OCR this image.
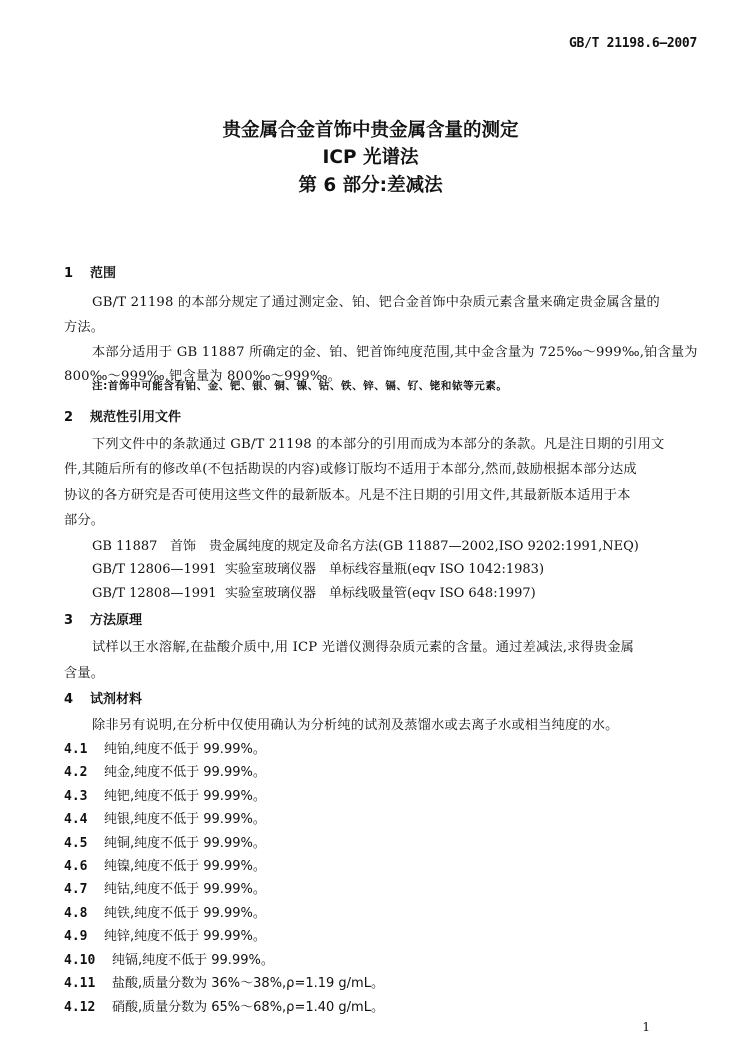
GB/T 21198.6—2007
贵金属合金首饰中贵金属含量的测定
ICP 光谱法
第 6 部分:差减法
1 范围
GB/T 21198 的本部分规定了通过测定金、铂、钯合金首饰中杂质元素含量来确定贵金属含量的
方法。
本部分适用于 GB 11887 所确定的金、铂、钯首饰纯度范围,其中金含量为 725‰～999‰,铂含量为
800‰～999‰,钯含量为 800‰～999‰。
注:首饰中可能含有铂、金、钯、银、铜、镍、钴、铁、锌、镉、钌、铑和铱等元素。
2 规范性引用文件
下列文件中的条款通过 GB/T 21198 的本部分的引用而成为本部分的条款。凡是注日期的引用文
件,其随后所有的修改单(不包括勘误的内容)或修订版均不适用于本部分,然而,鼓励根据本部分达成
协议的各方研究是否可使用这些文件的最新版本。凡是不注日期的引用文件,其最新版本适用于本
部分。
GB 11887 首饰　贵金属纯度的规定及命名方法(GB 11887—2002,ISO 9202:1991,NEQ)
GB/T 12806—1991 实验室玻璃仪器　单标线容量瓶(eqv ISO 1042:1983)
GB/T 12808—1991 实验室玻璃仪器　单标线吸量管(eqv ISO 648:1997)
3 方法原理
试样以王水溶解,在盐酸介质中,用 ICP 光谱仪测得杂质元素的含量。通过差减法,求得贵金属
含量。
4 试剂材料
除非另有说明,在分析中仅使用确认为分析纯的试剂及蒸馏水或去离子水或相当纯度的水。
4.1 纯铂,纯度不低于 99.99%。
4.2 纯金,纯度不低于 99.99%。
4.3 纯钯,纯度不低于 99.99%。
4.4 纯银,纯度不低于 99.99%。
4.5 纯铜,纯度不低于 99.99%。
4.6 纯镍,纯度不低于 99.99%。
4.7 纯钴,纯度不低于 99.99%。
4.8 纯铁,纯度不低于 99.99%。
4.9 纯锌,纯度不低于 99.99%。
4.10 纯镉,纯度不低于 99.99%。
4.11 盐酸,质量分数为 36%～38%,ρ=1.19 g/mL。
4.12 硝酸,质量分数为 65%～68%,ρ=1.40 g/mL。
1
